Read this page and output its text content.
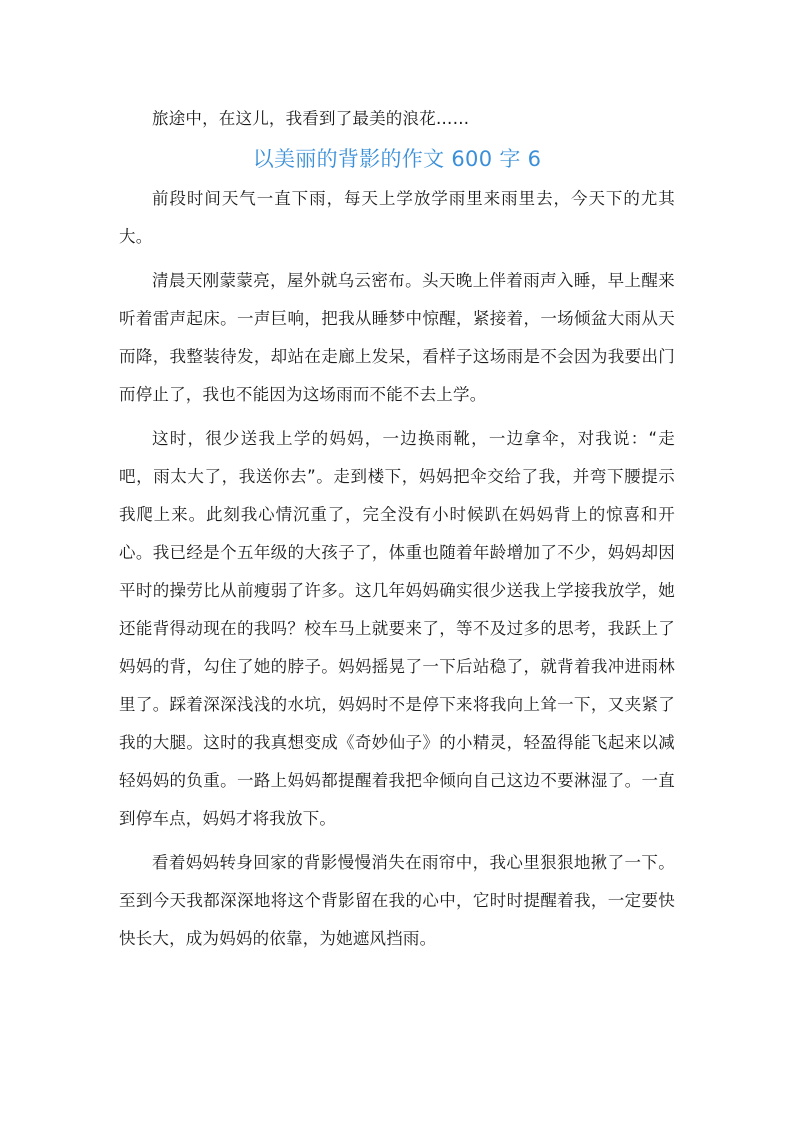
旅途中，在这儿，我看到了最美的浪花……

以美丽的背影的作文 600 字 6

前段时间天气一直下雨，每天上学放学雨里来雨里去，今天下的尤其大。

清晨天刚蒙蒙亮，屋外就乌云密布。头天晚上伴着雨声入睡，早上醒来听着雷声起床。一声巨响，把我从睡梦中惊醒，紧接着，一场倾盆大雨从天而降，我整装待发，却站在走廊上发呆，看样子这场雨是不会因为我要出门而停止了，我也不能因为这场雨而不能不去上学。

这时，很少送我上学的妈妈，一边换雨靴，一边拿伞，对我说：“走吧，雨太大了，我送你去”。走到楼下，妈妈把伞交给了我，并弯下腰提示我爬上来。此刻我心情沉重了，完全没有小时候趴在妈妈背上的惊喜和开心。我已经是个五年级的大孩子了，体重也随着年龄增加了不少，妈妈却因平时的操劳比从前瘦弱了许多。这几年妈妈确实很少送我上学接我放学，她还能背得动现在的我吗？校车马上就要来了，等不及过多的思考，我跃上了妈妈的背，勾住了她的脖子。妈妈摇晃了一下后站稳了，就背着我冲进雨林里了。踩着深深浅浅的水坑，妈妈时不是停下来将我向上耸一下，又夹紧了我的大腿。这时的我真想变成《奇妙仙子》的小精灵，轻盈得能飞起来以减轻妈妈的负重。一路上妈妈都提醒着我把伞倾向自己这边不要淋湿了。一直到停车点，妈妈才将我放下。

看着妈妈转身回家的背影慢慢消失在雨帘中，我心里狠狠地揪了一下。至到今天我都深深地将这个背影留在我的心中，它时时提醒着我，一定要快快长大，成为妈妈的依靠，为她遮风挡雨。
